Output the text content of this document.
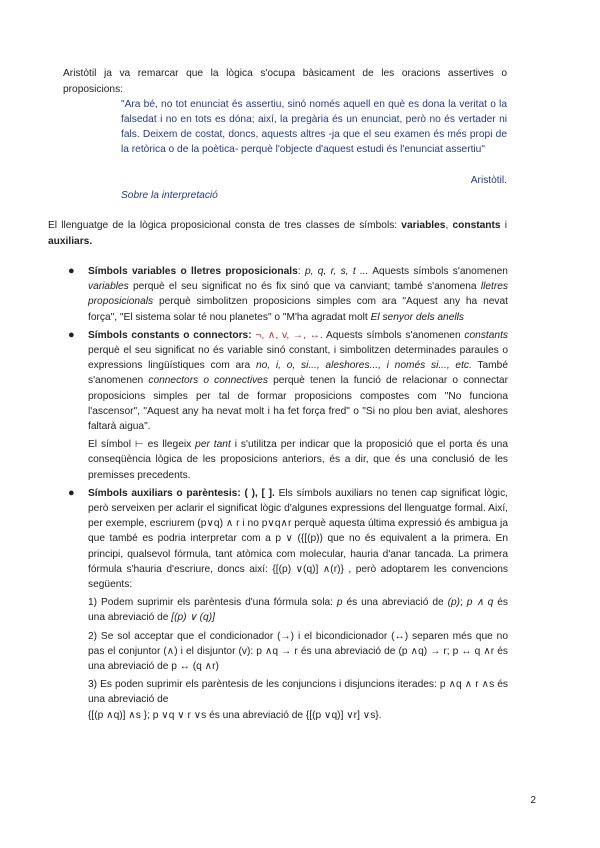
Aristòtil ja va remarcar que la lògica s'ocupa bàsicament de les oracions assertives o proposicions:
"Ara bé, no tot enunciat és assertiu, sinó només aquell en què es dona la veritat o la falsedat i no en tots es dóna; així, la pregària és un enunciat, però no és vertader ni fals. Deixem de costat, doncs, aquests altres -ja que el seu examen és més propi de la retòrica o de la poètica- perquè l'objecte d'aquest estudi és l'enunciat assertiu"
Aristòtil.
Sobre la interpretació
El llenguatge de la lògica proposicional consta de tres classes de símbols: variables, constants i auxiliars.
● Símbols variables o lletres proposicionals: p, q, r, s, t ... Aquests símbols s'anomenen variables perquè el seu significat no és fix sinó que va canviant; també s'anomena lletres proposicionals perquè simbolitzen proposicions simples com ara "Aquest any ha nevat força", "El sistema solar té nou planetes" o "M'ha agradat molt El senyor dels anells

● Símbols constants o connectors: ¬, ∧, v, →, ↔. Aquests símbols s'anomenen constants perquè el seu significat no és variable sinó constant, i simbolitzen determinades paraules o expressions lingüístiques com ara no, i, o, si..., aleshores..., i només si..., etc. També s'anomenen connectors o connectives perquè tenen la funció de relacionar o connectar proposicions simples per tal de formar proposicions compostes com "No funciona l'ascensor", "Aquest any ha nevat molt i ha fet força fred" o "Si no plou ben aviat, aleshores faltarà aigua".

El símbol ⊢ es llegeix per tant i s'utilitza per indicar que la proposició que el porta és una conseqüència lògica de les proposicions anteriors, és a dir, que és una conclusió de les premisses precedents.

● Símbols auxiliars o parèntesis: ( ), [ ]. Els símbols auxiliars no tenen cap significat lògic, però serveixen per aclarir el significat lògic d'algunes expressions del llenguatge formal. Així, per exemple, escriurem (p∨q) ∧ r i no p∨q∧r perquè aquesta última expressió és ambigua ja que també es podria interpretar com a p ∨ ({[(p)) que no és equivalent a la primera. En principi, qualsevol fórmula, tant atòmica com molecular, hauria d'anar tancada. La primera fórmula s'hauria d'escriure, doncs així: {[(p) ∨(q)] ∧(r)} , però adoptarem les convencions següents:

1) Podem suprimir els parèntesis d'una fórmula sola: p és una abreviació de (p); p ∧ q és una abreviació de [(p) ∨ (q)]

2) Se sol acceptar que el condicionador (→) i el bicondicionador (↔) separen més que no pas el conjuntor (∧) i el disjuntor (v): p ∧q → r és una abreviació de (p ∧q) → r; p ↔ q ∧r és una abreviació de p ↔ (q ∧r)

3) Es poden suprimir els parèntesis de les conjuncions i disjuncions iterades: p ∧q ∧ r ∧s és una abreviació de
{[(p ∧q)] ∧s }; p ∨q ∨ r ∨s és una abreviació de {[(p ∨q)] ∨r] ∨s}.

2
